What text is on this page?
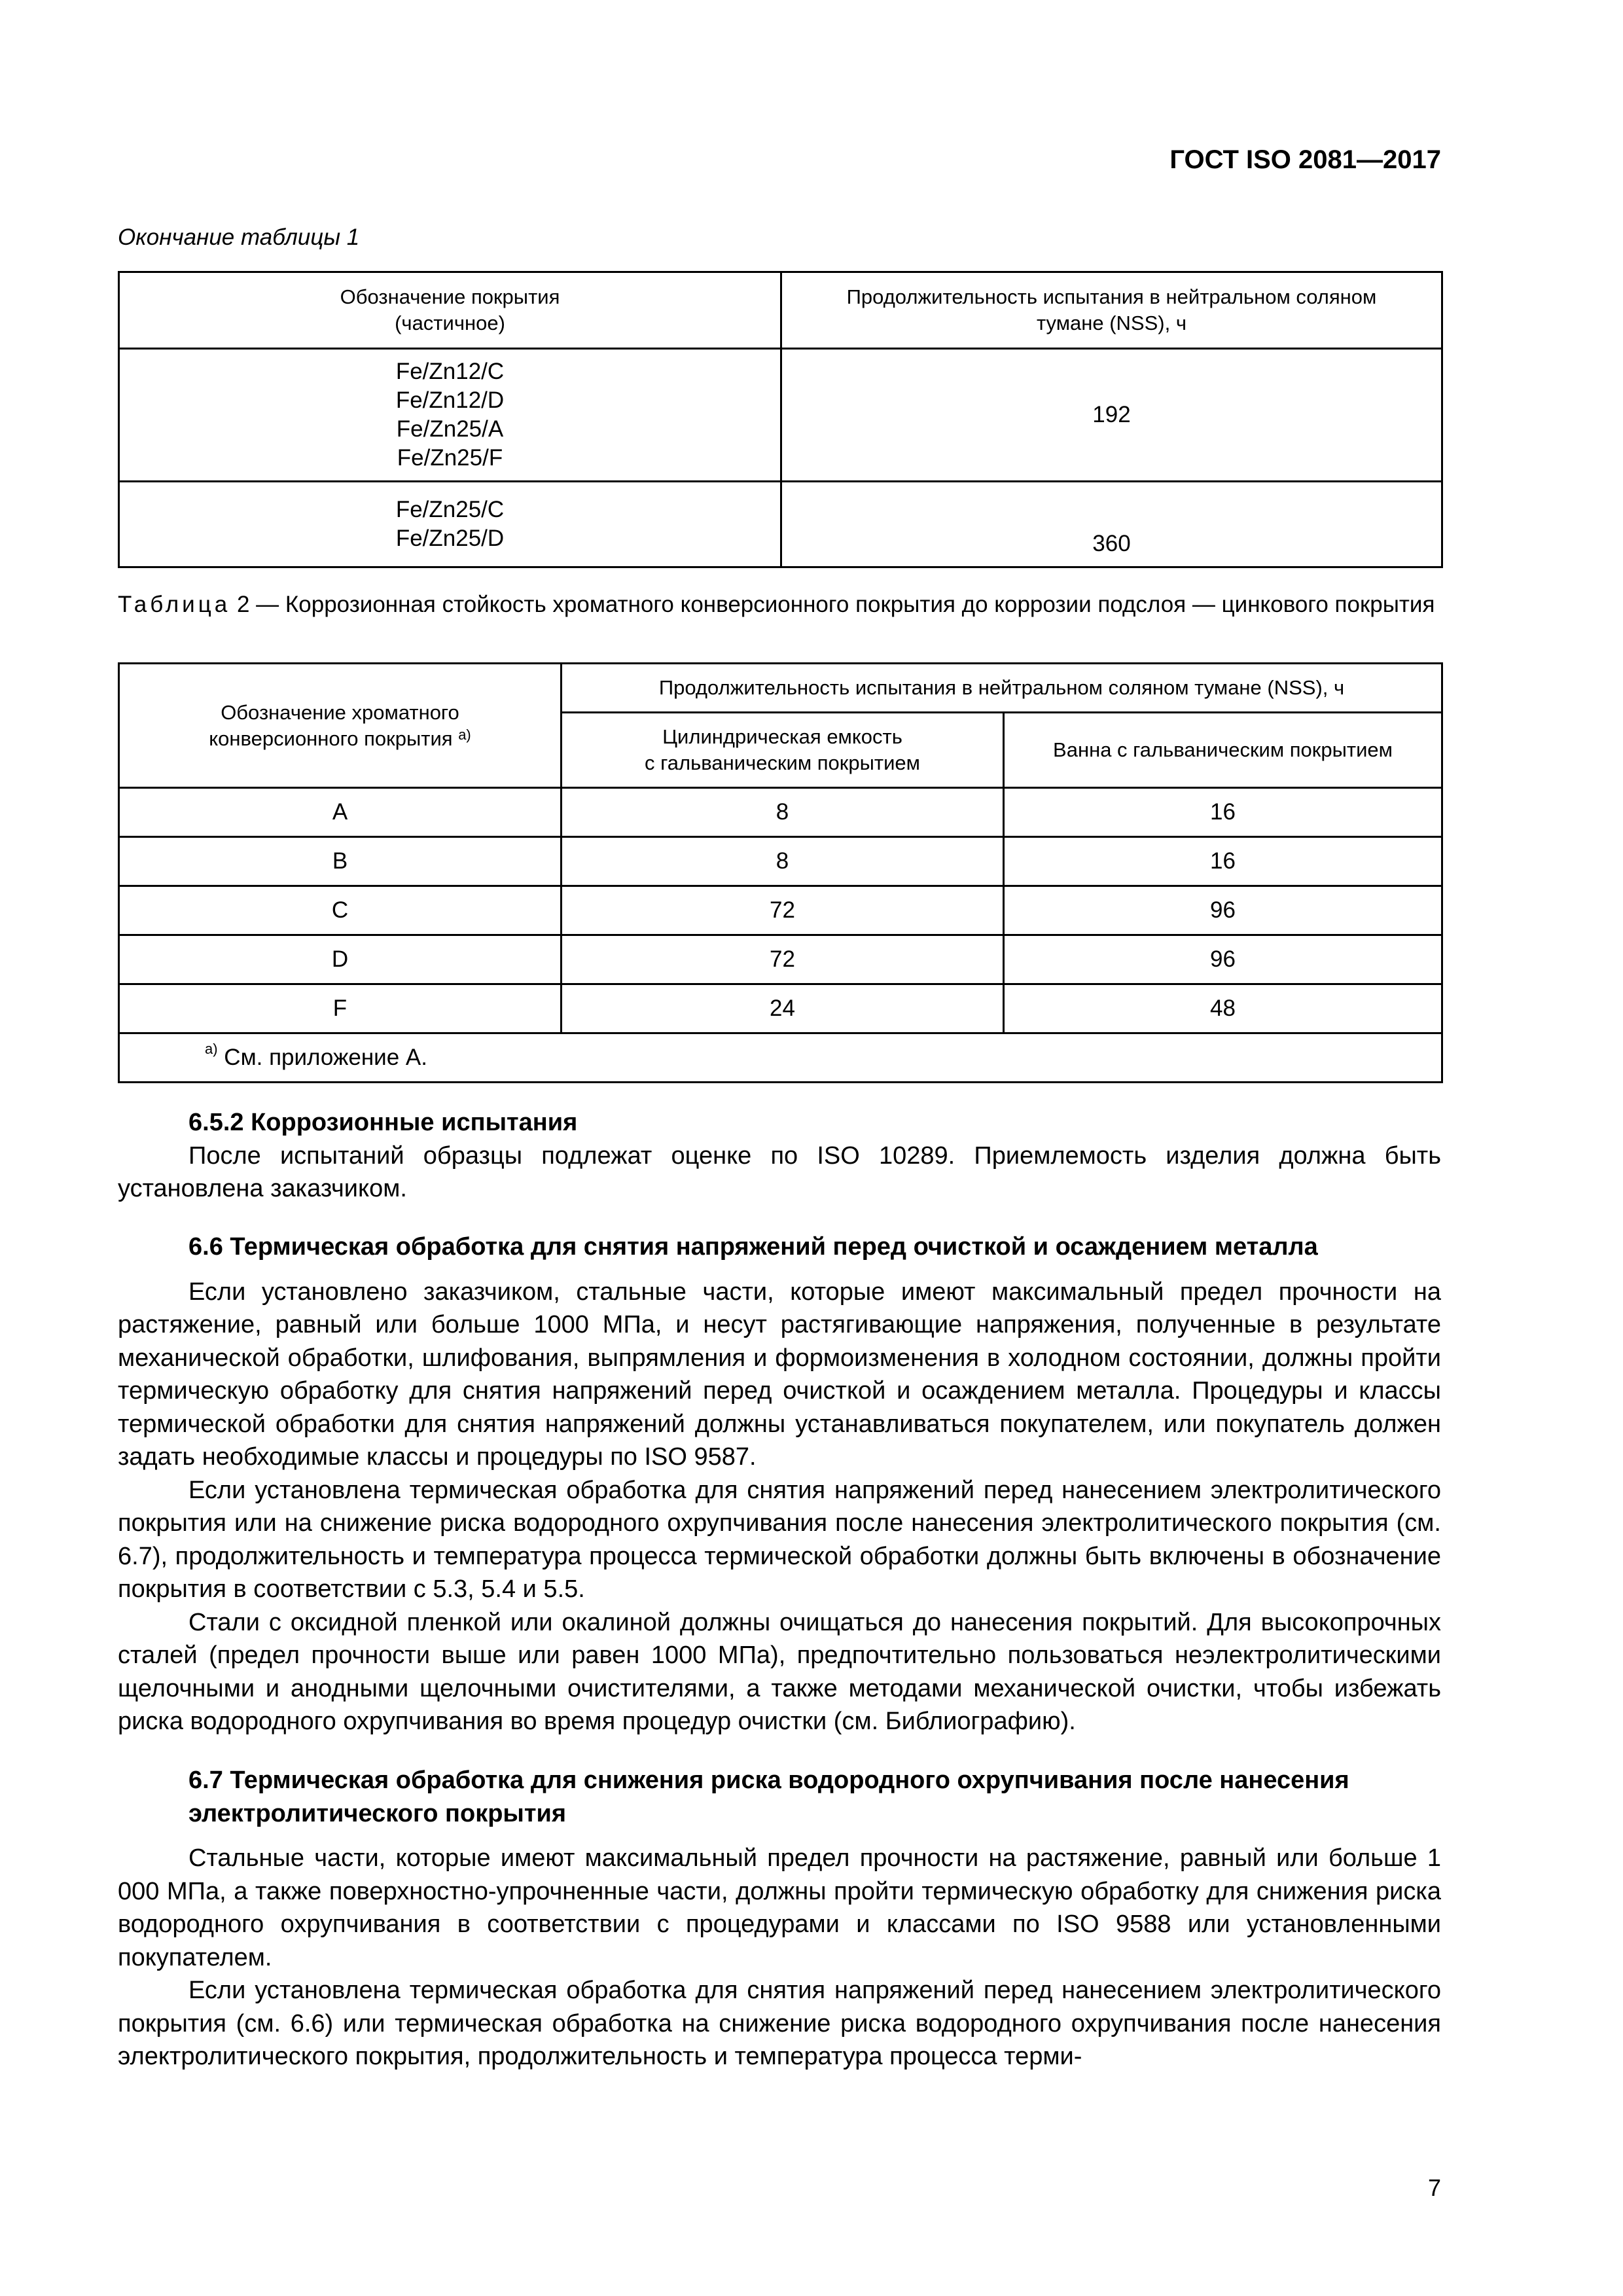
ГОСТ ISO 2081—2017
Окончание таблицы 1
Обозначение покрытия
(частичное)	Продолжительность испытания в нейтральном соляном
тумане (NSS), ч

Fe/Zn12/C
Fe/Zn12/D
Fe/Zn25/A
Fe/Zn25/F	192

Fe/Zn25/C
Fe/Zn25/D	360
Таблица 2 — Коррозионная стойкость хроматного конверсионного покрытия до коррозии подслоя — цинкового покрытия
Обозначение хроматного
конверсионного покрытия $^{a)}$	Продолжительность испытания в нейтральном соляном тумане (NSS), ч	

	Цилиндрическая емкость
с гальваническим покрытием	Ванна с гальваническим покрытием
A	8	16
B	8	16
C	72	96
D	72	96
F	24	48
$^{a)}$ См. приложение А.		
6.5.2 Коррозионные испытания

После испытаний образцы подлежат оценке по ISO 10289. Приемлемость изделия должна быть установлена заказчиком.

6.6 Термическая обработка для снятия напряжений перед очисткой и осаждением металла

Если установлено заказчиком, стальные части, которые имеют максимальный предел прочности на растяжение, равный или больше 1000 МПа, и несут растягивающие напряжения, полученные в результате механической обработки, шлифования, выпрямления и формоизменения в холодном состоянии, должны пройти термическую обработку для снятия напряжений перед очисткой и осаждением металла. Процедуры и классы термической обработки для снятия напряжений должны устанавливаться покупателем, или покупатель должен задать необходимые классы и процедуры по ISO 9587.

Если установлена термическая обработка для снятия напряжений перед нанесением электролитического покрытия или на снижение риска водородного охрупчивания после нанесения электролитического покрытия (см. 6.7), продолжительность и температура процесса термической обработки должны быть включены в обозначение покрытия в соответствии с 5.3, 5.4 и 5.5.

Стали с оксидной пленкой или окалиной должны очищаться до нанесения покрытий. Для высокопрочных сталей (предел прочности выше или равен 1000 МПа), предпочтительно пользоваться неэлектролитическими щелочными и анодными щелочными очистителями, а также методами механической очистки, чтобы избежать риска водородного охрупчивания во время процедур очистки (см. Библиографию).

6.7 Термическая обработка для снижения риска водородного охрупчивания после нанесения электролитического покрытия

Стальные части, которые имеют максимальный предел прочности на растяжение, равный или больше 1 000 МПа, а также поверхностно-упрочненные части, должны пройти термическую обработку для снижения риска водородного охрупчивания в соответствии с процедурами и классами по ISO 9588 или установленными покупателем.

Если установлена термическая обработка для снятия напряжений перед нанесением электролитического покрытия (см. 6.6) или термическая обработка на снижение риска водородного охрупчивания после нанесения электролитического покрытия, продолжительность и температура процесса терми-

7
